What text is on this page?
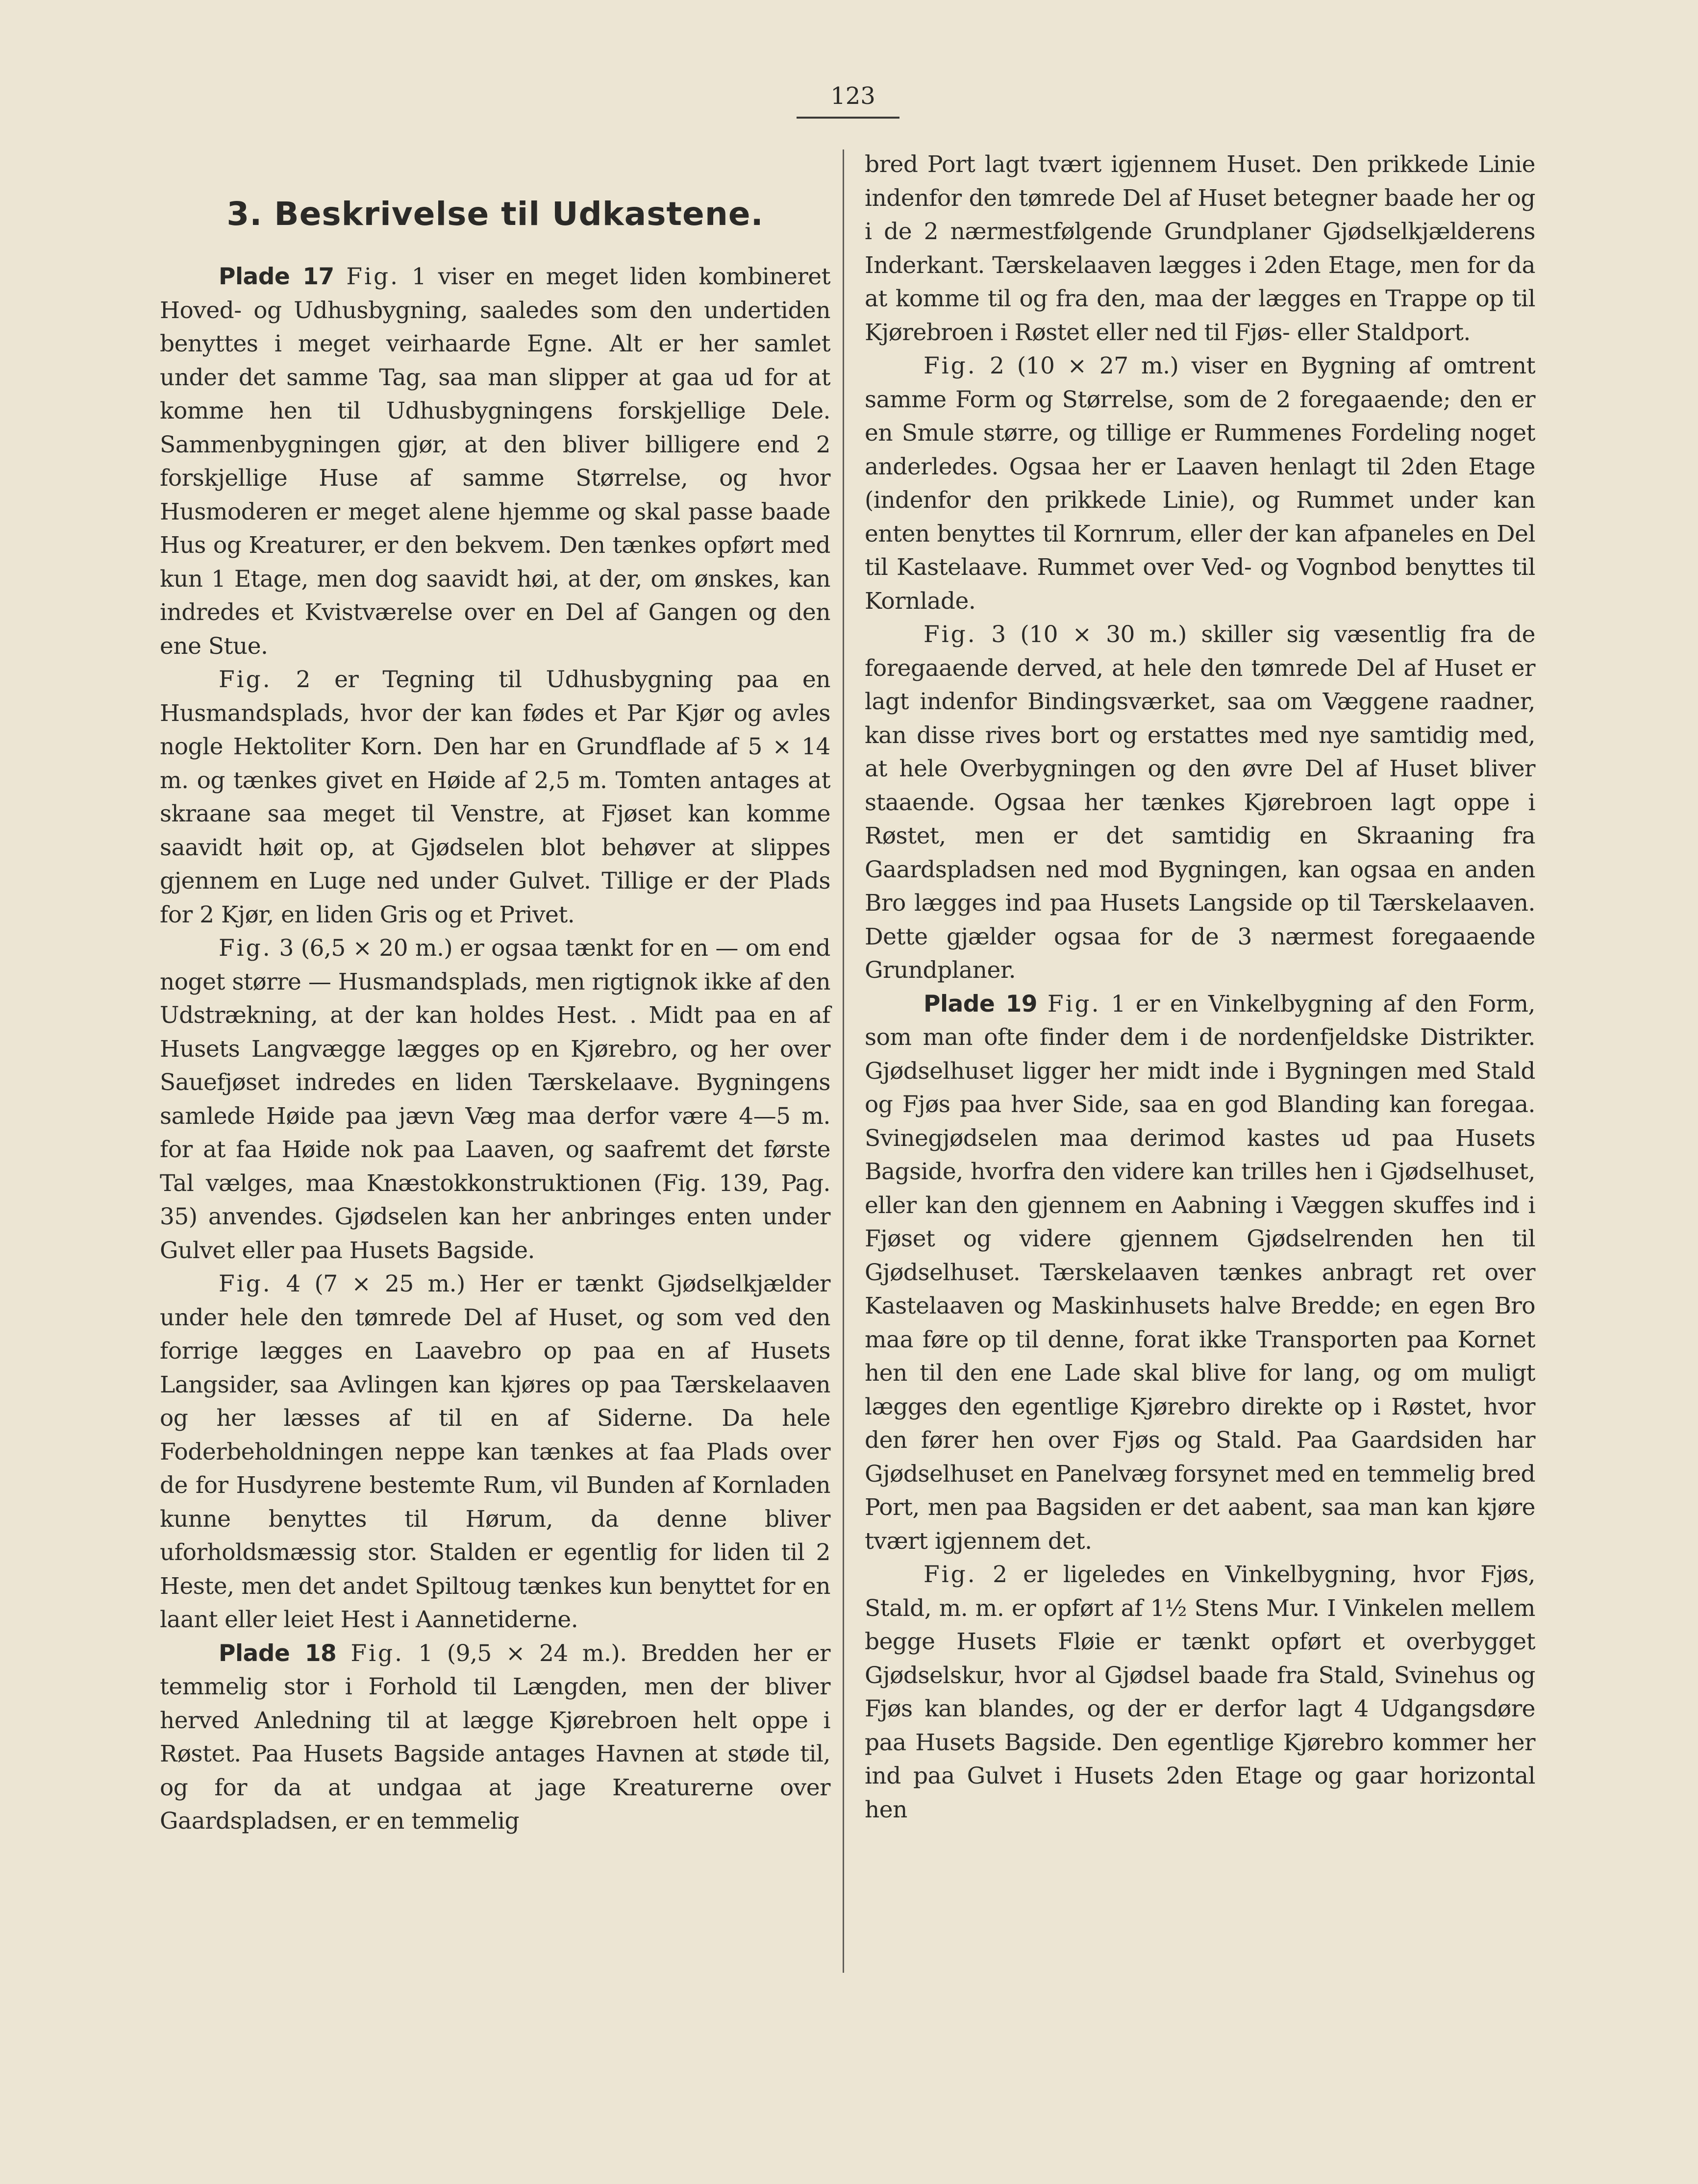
123
3. Beskrivelse til Udkastene.

Plade 17 Fig. 1 viser en meget liden kombineret Hoved- og Udhusbygning, saaledes som den undertiden benyttes i meget veirhaarde Egne. Alt er her samlet under det samme Tag, saa man slipper at gaa ud for at komme hen til Udhusbygningens forskjellige Dele. Sammenbygningen gjør, at den bliver billigere end 2 forskjellige Huse af samme Størrelse, og hvor Husmoderen er meget alene hjemme og skal passe baade Hus og Kreaturer, er den bekvem. Den tænkes opført med kun 1 Etage, men dog saavidt høi, at der, om ønskes, kan indredes et Kvistværelse over en Del af Gangen og den ene Stue.

Fig. 2 er Tegning til Udhusbygning paa en Husmandsplads, hvor der kan fødes et Par Kjør og avles nogle Hektoliter Korn. Den har en Grundflade af 5 ⨯ 14 m. og tænkes givet en Høide af 2,5 m. Tomten antages at skraane saa meget til Venstre, at Fjøset kan komme saavidt høit op, at Gjødselen blot behøver at slippes gjennem en Luge ned under Gulvet. Tillige er der Plads for 2 Kjør, en liden Gris og et Privet.

Fig. 3 (6,5 ⨯ 20 m.) er ogsaa tænkt for en — om end noget større — Husmandsplads, men rigtignok ikke af den Udstrækning, at der kan holdes Hest. . Midt paa en af Husets Langvægge lægges op en Kjørebro, og her over Sauefjøset indredes en liden Tærskelaave. Bygningens samlede Høide paa jævn Væg maa derfor være 4—5 m. for at faa Høide nok paa Laaven, og saafremt det første Tal vælges, maa Knæstokkonstruktionen (Fig. 139, Pag. 35) anvendes. Gjødselen kan her anbringes enten under Gulvet eller paa Husets Bagside.

Fig. 4 (7 ⨯ 25 m.) Her er tænkt Gjødselkjælder under hele den tømrede Del af Huset, og som ved den forrige lægges en Laavebro op paa en af Husets Langsider, saa Avlingen kan kjøres op paa Tærskelaaven og her læsses af til en af Siderne. Da hele Foderbeholdningen neppe kan tænkes at faa Plads over de for Husdyrene bestemte Rum, vil Bunden af Kornladen kunne benyttes til Hørum, da denne bliver uforholdsmæssig stor. Stalden er egentlig for liden til 2 Heste, men det andet Spiltoug tænkes kun benyttet for en laant eller leiet Hest i Aannetiderne.

Plade 18 Fig. 1 (9,5 ⨯ 24 m.). Bredden her er temmelig stor i Forhold til Længden, men der bliver herved Anledning til at lægge Kjørebroen helt oppe i Røstet. Paa Husets Bagside antages Havnen at støde til, og for da at undgaa at jage Kreaturerne over Gaardspladsen, er en temmelig

bred Port lagt tvært igjennem Huset. Den prikkede Linie indenfor den tømrede Del af Huset betegner baade her og i de 2 nærmestfølgende Grundplaner Gjødselkjælderens Inderkant. Tærskelaaven lægges i 2den Etage, men for da at komme til og fra den, maa der lægges en Trappe op til Kjørebroen i Røstet eller ned til Fjøs- eller Staldport.

Fig. 2 (10 ⨯ 27 m.) viser en Bygning af omtrent samme Form og Størrelse, som de 2 foregaaende; den er en Smule større, og tillige er Rummenes Fordeling noget anderledes. Ogsaa her er Laaven henlagt til 2den Etage (indenfor den prikkede Linie), og Rummet under kan enten benyttes til Kornrum, eller der kan afpaneles en Del til Kastelaave. Rummet over Ved- og Vognbod benyttes til Kornlade.

Fig. 3 (10 ⨯ 30 m.) skiller sig væsentlig fra de foregaaende derved, at hele den tømrede Del af Huset er lagt indenfor Bindingsværket, saa om Væggene raadner, kan disse rives bort og erstattes med nye samtidig med, at hele Overbygningen og den øvre Del af Huset bliver staaende. Ogsaa her tænkes Kjørebroen lagt oppe i Røstet, men er det samtidig en Skraaning fra Gaardspladsen ned mod Bygningen, kan ogsaa en anden Bro lægges ind paa Husets Langside op til Tærskelaaven. Dette gjælder ogsaa for de 3 nærmest foregaaende Grundplaner.

Plade 19 Fig. 1 er en Vinkelbygning af den Form, som man ofte finder dem i de nordenfjeldske Distrikter. Gjødselhuset ligger her midt inde i Bygningen med Stald og Fjøs paa hver Side, saa en god Blanding kan foregaa. Svinegjødselen maa derimod kastes ud paa Husets Bagside, hvorfra den videre kan trilles hen i Gjødselhuset, eller kan den gjennem en Aabning i Væggen skuffes ind i Fjøset og videre gjennem Gjødselrenden hen til Gjødselhuset. Tærskelaaven tænkes anbragt ret over Kastelaaven og Maskinhusets halve Bredde; en egen Bro maa føre op til denne, forat ikke Transporten paa Kornet hen til den ene Lade skal blive for lang, og om muligt lægges den egentlige Kjørebro direkte op i Røstet, hvor den fører hen over Fjøs og Stald. Paa Gaardsiden har Gjødselhuset en Panelvæg forsynet med en temmelig bred Port, men paa Bagsiden er det aabent, saa man kan kjøre tvært igjennem det.

Fig. 2 er ligeledes en Vinkelbygning, hvor Fjøs, Stald, m. m. er opført af 1½ Stens Mur. I Vinkelen mellem begge Husets Fløie er tænkt opført et overbygget Gjødselskur, hvor al Gjødsel baade fra Stald, Svinehus og Fjøs kan blandes, og der er derfor lagt 4 Udgangsdøre paa Husets Bagside. Den egentlige Kjørebro kommer her ind paa Gulvet i Husets 2den Etage og gaar horizontal hen
